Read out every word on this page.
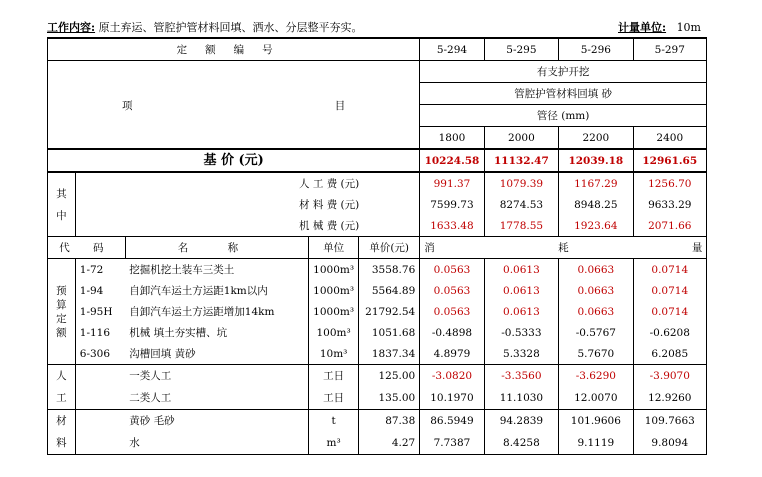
工作内容: 原土弃运、管腔护管材料回填、洒水、分层整平夯实。	计量单位: 10m
定额编号					5-294	5-295	5-296	5-297

项 目					有支护开挖			
					管腔护管材料回填 砂			
					管径 (mm)			
					1800	2000	2200	2400
基 价 (元)					10224.58	11132.47	12039.18	12961.65

其
中	人 工 费 (元)				991.37	1079.39	1167.29	1256.70
	材 料 费 (元)				7599.73	8274.53	8948.25	9633.29
	机 械 费 (元)				1633.48	1778.55	1923.64	2071.66
代 码		名 称	单位	单价(元)	消 耗 量			

预
算
定
额	1-72	挖掘机挖土装车三类土	1000m³	3558.76	0.0563	0.0613	0.0663	0.0714
	1-94	自卸汽车运土方运距1km以内	1000m³	5564.89	0.0563	0.0613	0.0663	0.0714
	1-95H	自卸汽车运土方运距增加14km	1000m³	21792.54	0.0563	0.0613	0.0663	0.0714
	1-116	机械 填土夯实槽、坑	100m³	1051.68	-0.4898	-0.5333	-0.5767	-0.6208
	6-306	沟槽回填 黄砂	10m³	1837.34	4.8979	5.3328	5.7670	6.2085

人
工		一类人工	工日	125.00	-3.0820	-3.3560	-3.6290	-3.9070
		二类人工	工日	135.00	10.1970	11.1030	12.0070	12.9260

材
料		黄砂 毛砂	t	87.38	86.5949	94.2839	101.9606	109.7663
		水	m³	4.27	7.7387	8.4258	9.1119	9.8094
